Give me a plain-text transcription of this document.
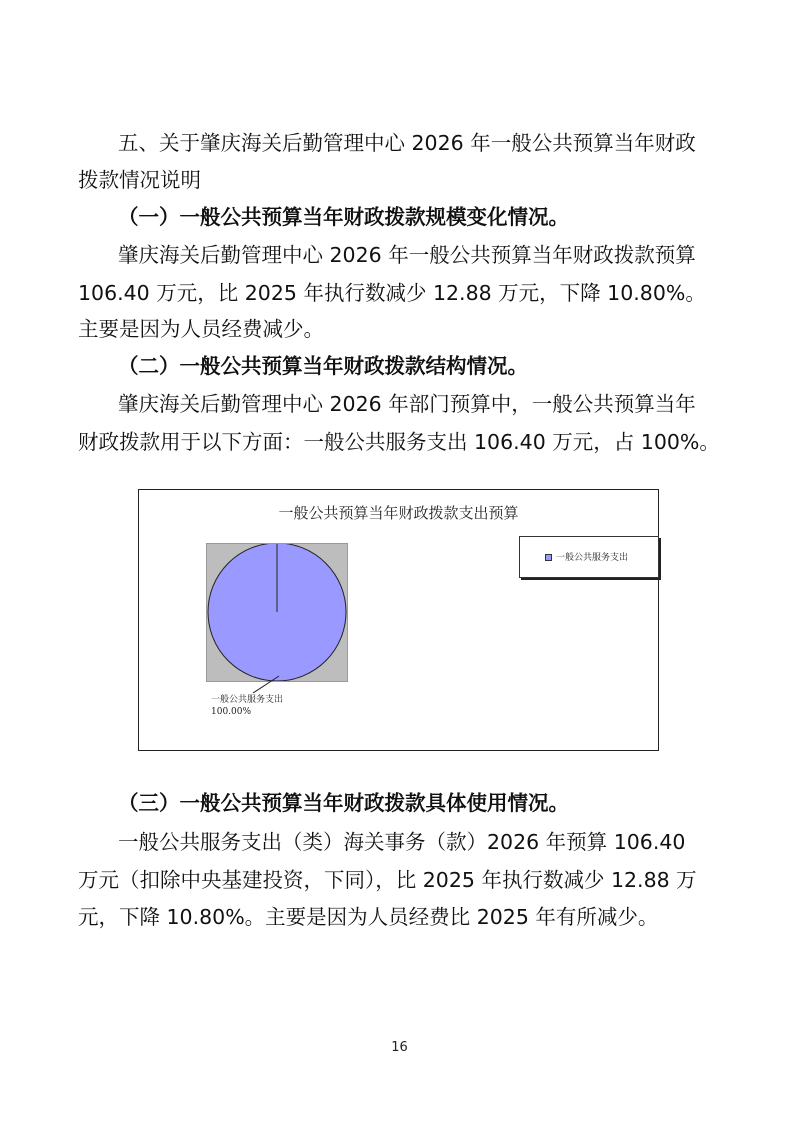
五、关于肇庆海关后勤管理中心 2026 年一般公共预算当年财政
拨款情况说明
（一）一般公共预算当年财政拨款规模变化情况。
肇庆海关后勤管理中心 2026 年一般公共预算当年财政拨款预算
106.40 万元，比 2025 年执行数减少 12.88 万元，下降 10.80%。
主要是因为人员经费减少。
（二）一般公共预算当年财政拨款结构情况。
肇庆海关后勤管理中心 2026 年部门预算中，一般公共预算当年
财政拨款用于以下方面：一般公共服务支出 106.40 万元，占 100%。
一般公共预算当年财政拨款支出预算
一般公共服务支出
一般公共服务支出
100.00%
（三）一般公共预算当年财政拨款具体使用情况。
一般公共服务支出（类）海关事务（款）2026 年预算 106.40
万元（扣除中央基建投资，下同），比 2025 年执行数减少 12.88 万
元，下降 10.80%。主要是因为人员经费比 2025 年有所减少。
16
